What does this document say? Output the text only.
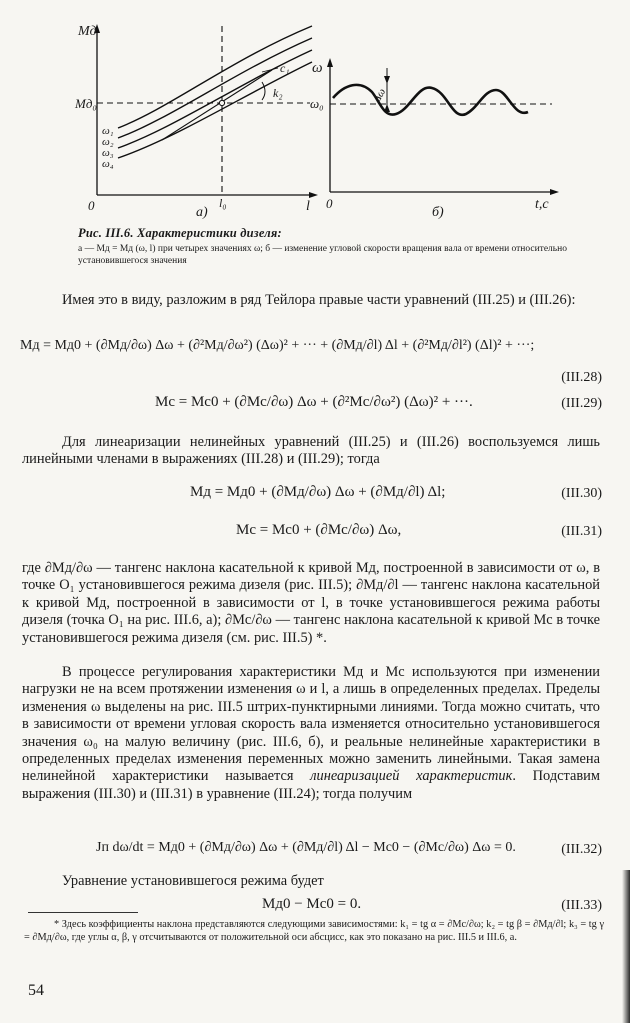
Mд
Mд₀
0	l₀	l
k₂
c₁
ω₁
ω₂
ω₃
ω₄
а)
ω
ω₀	Δω
0	t,c
б)
Рис. III.6. Характеристики дизеля:
а — Mд = Mд (ω, l) при четырех значениях ω; б — изменение угловой скорости вращения вала от времени относительно установившегося значения

Имея это в виду, разложим в ряд Тейлора правые части уравнений (III.25) и (III.26):

Mд = Mд0 + (∂Mд/∂ω) Δω + (∂²Mд/∂ω²) (Δω)² + ··· + (∂Mд/∂l) Δl + (∂²Mд/∂l²) (Δl)² + ···;
(III.28)
Mc = Mc0 + (∂Mc/∂ω) Δω + (∂²Mc/∂ω²) (Δω)² + ···.	(III.29)

Для линеаризации нелинейных уравнений (III.25) и (III.26) воспользуемся лишь линейными членами в выражениях (III.28) и (III.29); тогда

Mд = Mд0 + (∂Mд/∂ω) Δω + (∂Mд/∂l) Δl;	(III.30)
Mc = Mc0 + (∂Mc/∂ω) Δω,	(III.31)

где ∂Mд/∂ω — тангенс наклона касательной к кривой Mд, построенной в зависимости от ω, в точке O₁ установившегося режима дизеля (рис. III.5); ∂Mд/∂l — тангенс наклона касательной к кривой Mд, построенной в зависимости от l, в точке установившегося режима работы дизеля (точка O₁ на рис. III.6, а); ∂Mc/∂ω — тангенс наклона касательной к кривой Mc в точке установившегося режима дизеля (см. рис. III.5) *.

В процессе регулирования характеристики Mд и Mc используются при изменении нагрузки не на всем протяжении изменения ω и l, а лишь в определенных пределах. Пределы изменения ω выделены на рис. III.5 штрих-пунктирными линиями. Тогда можно считать, что в зависимости от времени угловая скорость вала изменяется относительно установившегося значения ω₀ на малую величину (рис. III.6, б), и реальные нелинейные характеристики в определенных пределах изменения переменных можно заменить линейными. Такая замена нелинейной характеристики называется линеаризацией характеристик. Подставим выражения (III.30) и (III.31) в уравнение (III.24); тогда получим

Jп dω/dt = Mд0 + (∂Mд/∂ω) Δω + (∂Mд/∂l) Δl − Mc0 − (∂Mc/∂ω) Δω = 0.	(III.32)

Уравнение установившегося режима будет

Mд0 − Mc0 = 0.	(III.33)
* Здесь коэффициенты наклона представляются следующими зависимостями: k₁ = tg α = ∂Mc/∂ω; k₂ = tg β = ∂Mд/∂l; k₃ = tg γ = ∂Mд/∂ω, где углы α, β, γ отсчитываются от положительной оси абсцисс, как это показано на рис. III.5 и III.6, а.
54
